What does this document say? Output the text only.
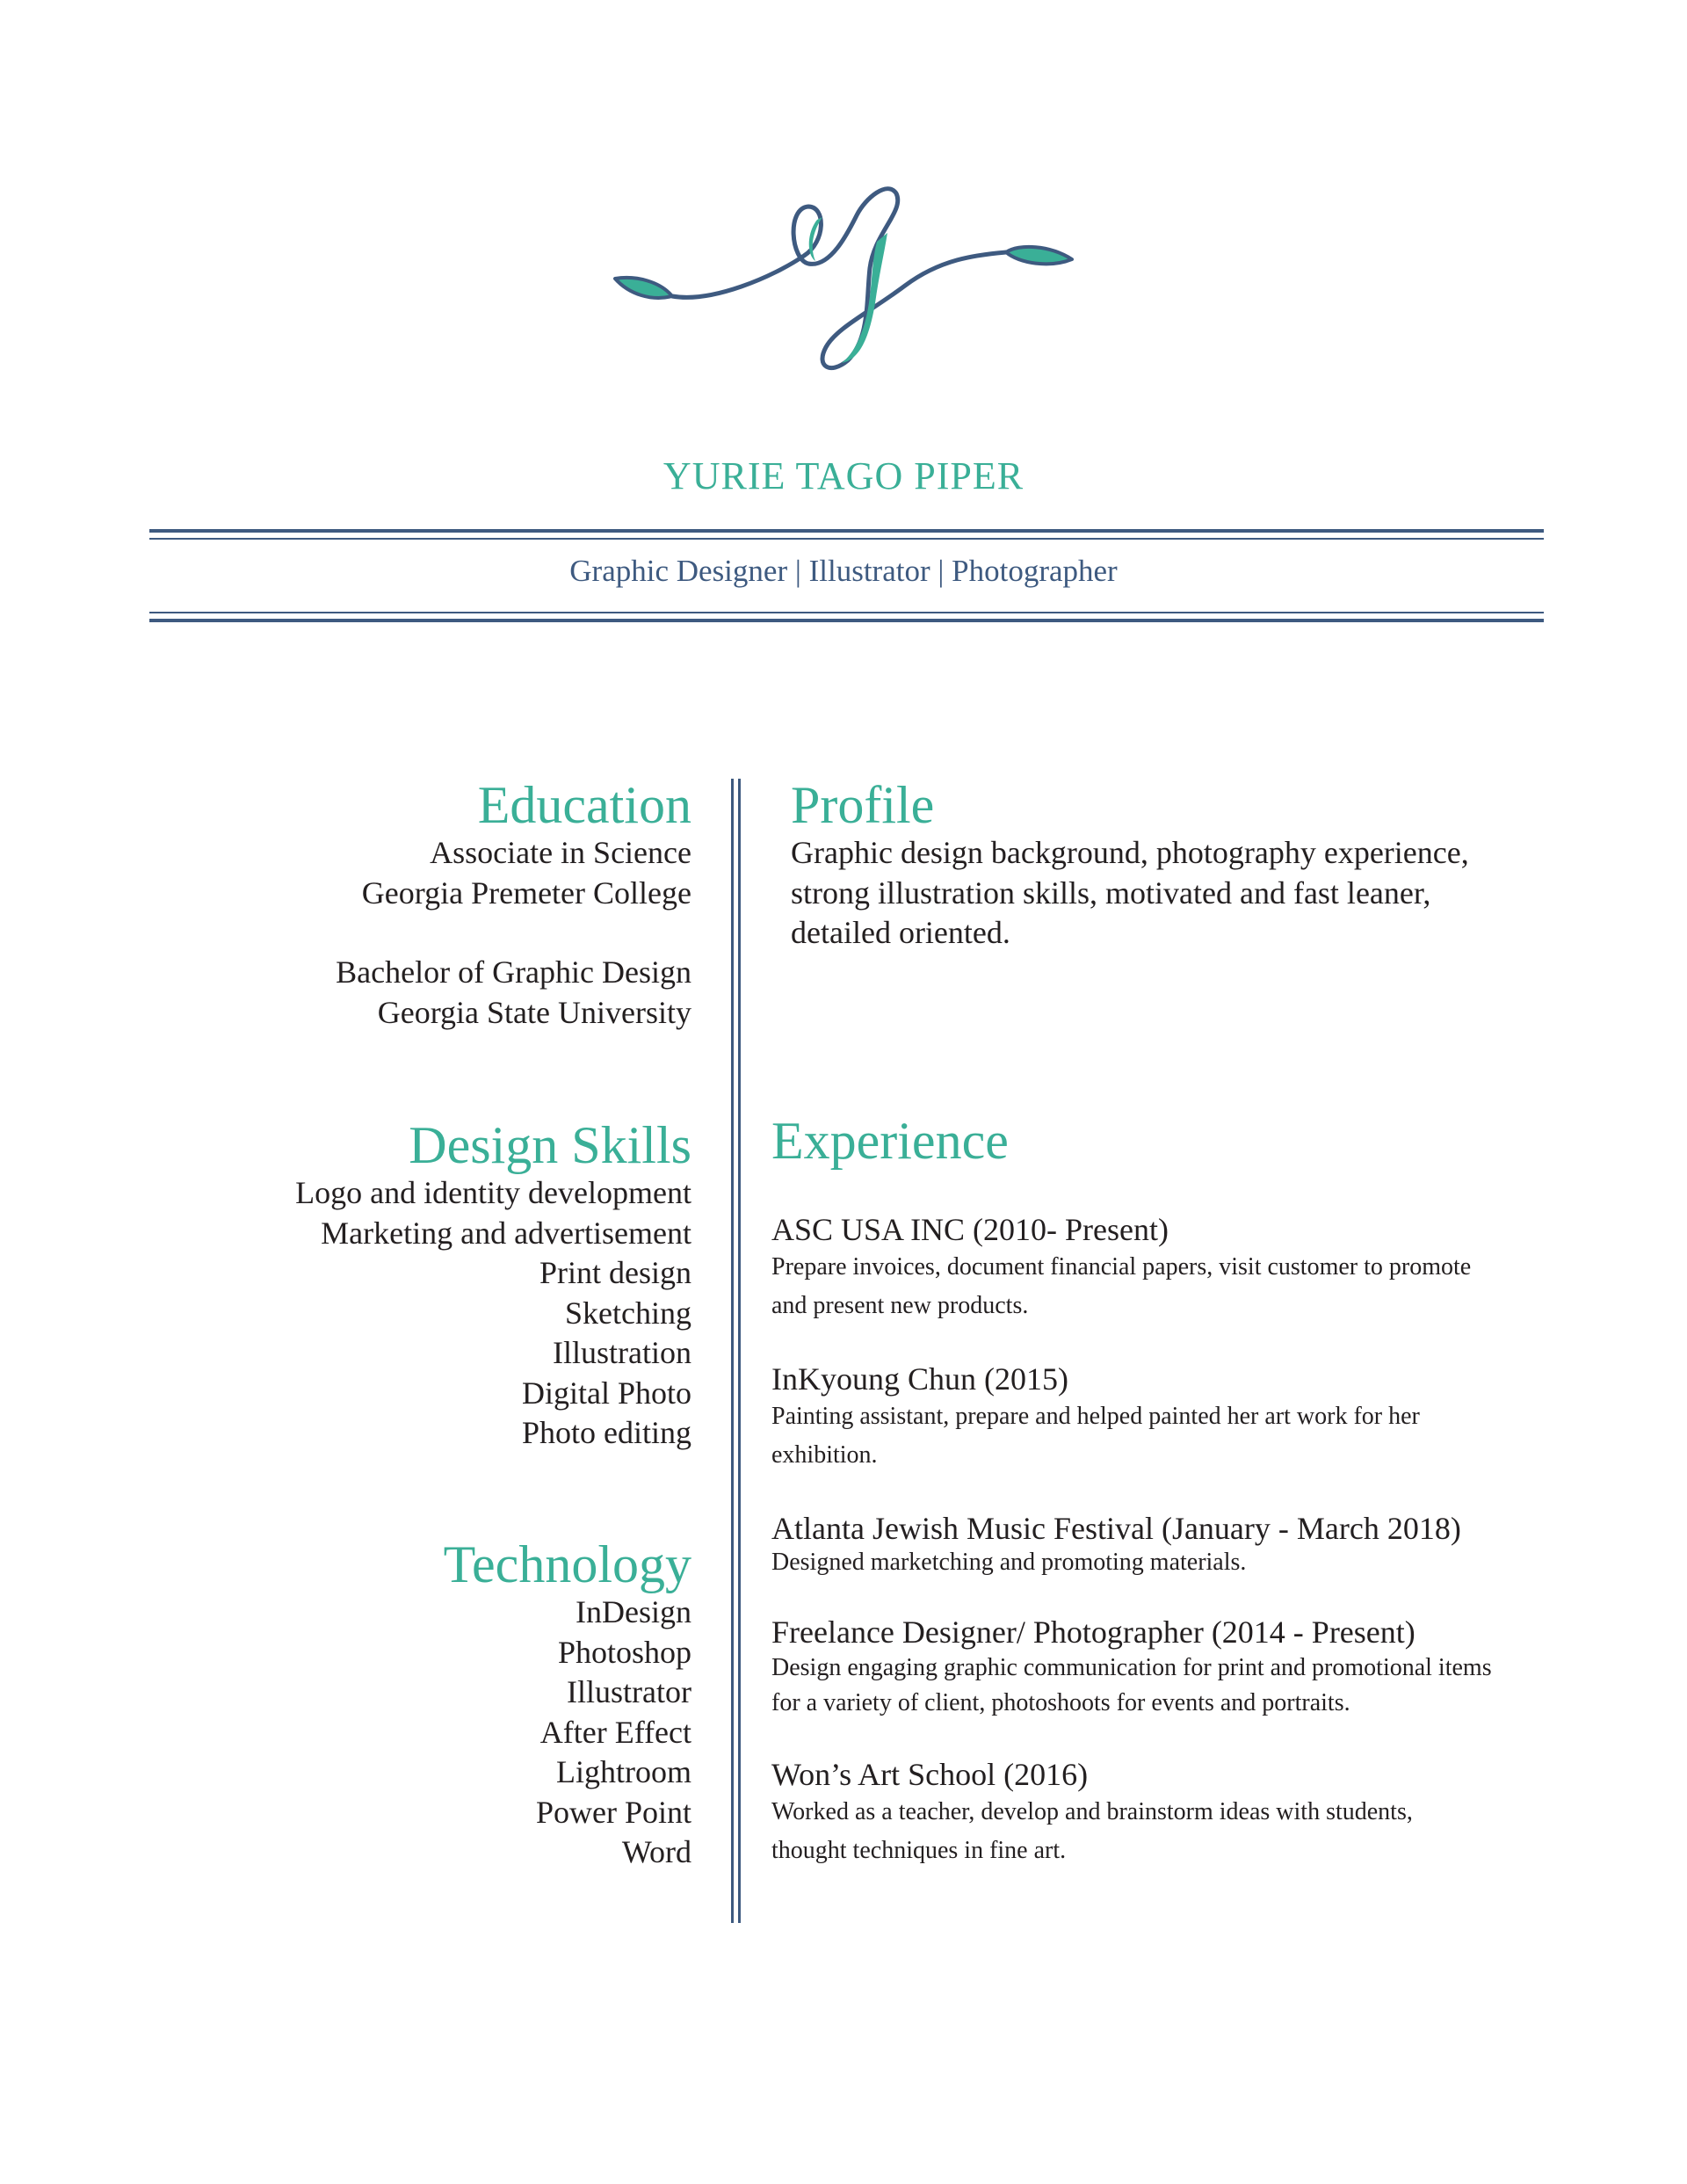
YURIE TAGO PIPER
Graphic Designer | Illustrator | Photographer
Education
Associate in Science
Georgia Premeter College
Bachelor of Graphic Design
Georgia State University
Design Skills
Logo and identity development
Marketing and advertisement
Print design
Sketching
Illustration
Digital Photo
Photo editing
Technology
InDesign
Photoshop
Illustrator
After Effect
Lightroom
Power Point
Word
Profile
Graphic design background, photography experience, strong illustration skills, motivated and fast leaner, detailed oriented.
Experience
ASC USA INC (2010- Present)
Prepare invoices, document financial papers, visit customer to promote and present new products.
InKyoung Chun (2015)
Painting assistant, prepare and helped painted her art work for her exhibition.
Atlanta Jewish Music Festival (January - March 2018)
Designed marketching and promoting materials.
Freelance Designer/ Photographer (2014 - Present)
Design engaging graphic communication for print and promotional items for a variety of client, photoshoots for events and portraits.
Won’s Art School (2016)
Worked as a teacher, develop and brainstorm ideas with students, thought techniques in fine art.
